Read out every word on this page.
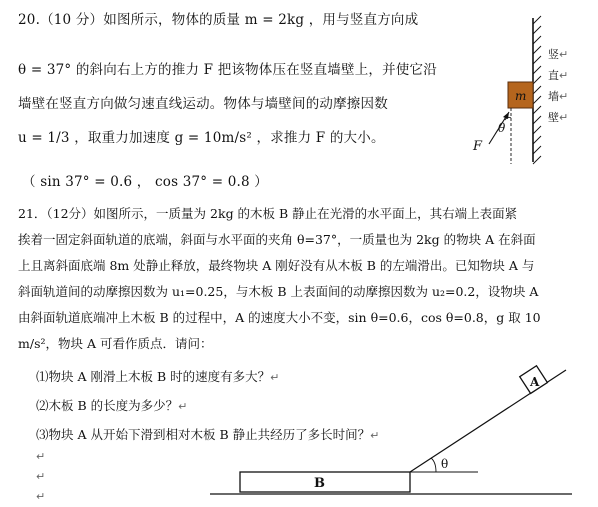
20.（10 分）如图所示，物体的质量 m = 2kg ，用与竖直方向成
θ = 37° 的斜向右上方的推力 F 把该物体压在竖直墙壁上，并使它沿
墙壁在竖直方向做匀速直线运动。物体与墙壁间的动摩擦因数
u = 1/3 ，取重力加速度 g = 10m/s² ，求推力 F 的大小。
（ sin 37° = 0.6 ， cos 37° = 0.8 ）
m
F
θ
竖↵
直↵
墙↵
壁↵
21．（12分）如图所示，一质量为 2kg 的木板 B 静止在光滑的水平面上，其右端上表面紧
挨着一固定斜面轨道的底端，斜面与水平面的夹角 θ=37°，一质量也为 2kg 的物块 A 在斜面
上且离斜面底端 8m 处静止释放，最终物块 A 刚好没有从木板 B 的左端滑出。已知物块 A 与
斜面轨道间的动摩擦因数为 u₁=0.25，与木板 B 上表面间的动摩擦因数为 u₂=0.2，设物块 A
由斜面轨道底端冲上木板 B 的过程中，A 的速度大小不变，sin θ=0.6，cos θ=0.8，g 取 10
m/s²，物块 A 可看作质点．请问：
⑴物块 A 刚滑上木板 B 时的速度有多大？↵
⑵木板 B 的长度为多少？↵
⑶物块 A 从开始下滑到相对木板 B 静止共经历了多长时间？↵
↵
↵
↵
B
θ
A
